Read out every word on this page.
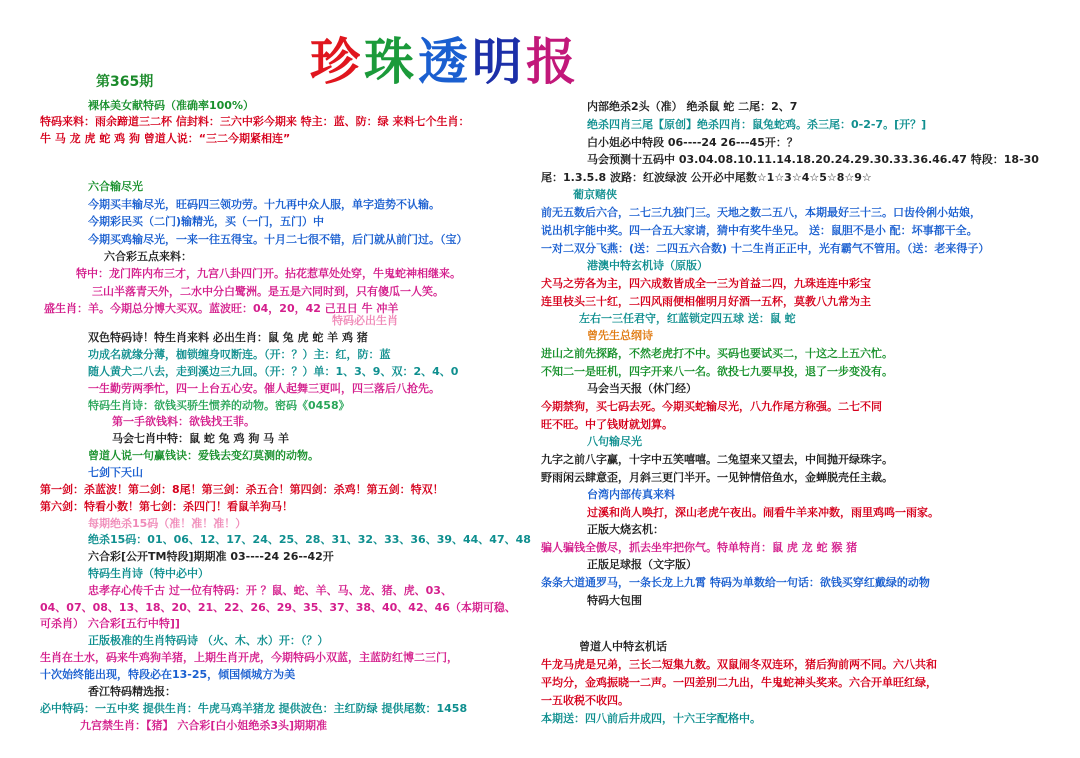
珍珠透明报
第365期
裸体美女献特码（准确率100%）
特码来料：雨余蹄道三二杯 信封料：三六中彩今期来 特主：蓝、防：绿 来料七个生肖：
牛 马 龙 虎 蛇 鸡 狗 曾道人说：“三二今期紧相连”
六合输尽光
今期买丰输尽光，旺码四三领功劳。十九再中众人服，单字造势不认输。
今期彩民买（二门)输精光，买（一门，五门）中
今期买鸡输尽光，一来一往五得宝。十月二七很不错，后门就从前门过。（宝）
六合彩五点来料：
特中：龙门阵内布三才，九宫八卦四门开。拈花惹草处处穿，牛鬼蛇神相继来。
三山半落青天外，二水中分白鹭洲。是五是六同时到，只有傻瓜一人笑。
盛生肖：羊。今期总分博大买双。蓝波旺：04，20，42 己丑日 牛 冲羊
特码必出生肖
双色特码诗！特生肖来料 必出生肖：鼠 兔 虎 蛇 羊 鸡 猪
功成名就缘分薄，枷锁缠身叹断连。（开：？）主：红，防：蓝
随人黄犬二八去，走到溪边三九回。（开：？）单：1、3、9、双：2、4、0
一生勤劳两季忙，四一上台五心安。催人起舞三更叫，四三落后八抢先。
特码生肖诗：欲钱买骄生惯养的动物。密码《0458》
第一手欲钱料：欲钱找王菲。
马会七肖中特：鼠 蛇 兔 鸡 狗 马 羊
曾道人说一句赢钱诀：爱钱去变幻莫测的动物。
七剑下天山
第一剑：杀蓝波！第二剑：8尾！第三剑：杀五合！第四剑：杀鸡！第五剑：特双！
第六剑：特看小数！第七剑：杀四门！看鼠羊狗马！
每期绝杀15码（准！准！准！）
绝杀15码：01、06、12、17、24、25、28、31、32、33、36、39、44、47、48
六合彩[公开TM特段]期期准 03----24 26--42开
特码生肖诗（特中必中）
忠孝存心传千古 过一位有特码：开 ？鼠、蛇、羊、马、龙、猪、虎、03、
04、07、08、13、18、20、21、22、26、29、35、37、38、40、42、46（本期可稳、
可杀肖） 六合彩[五行中特]]
正版极准的生肖特码诗 （火、木、水）开：（？）
生肖在土水，码来牛鸡狗羊猪，上期生肖开虎，今期特码小双蓝，主蓝防红博二三门，
十次始终能出现，特段必在13-25，倾国倾城方为美
香江特码精选报：
必中特码：一五中奖 提供生肖：牛虎马鸡羊猪龙 提供波色：主红防绿 提供尾数：1458
九宫禁生肖：【猪】 六合彩[白小姐绝杀3头]期期准
内部绝杀2头（准） 绝杀鼠 蛇 二尾：2、7
绝杀四肖三尾【原创】绝杀四肖：鼠兔蛇鸡。杀三尾：0-2-7。[开？]
白小姐必中特段 06----24 26---45开：？
马会预测十五码中 03.04.08.10.11.14.18.20.24.29.30.33.36.46.47 特段：18-30
尾：1.3.5.8 波路：红波绿波 公开必中尾数☆1☆3☆4☆5☆8☆9☆
葡京赌侠
前无五数后六合，二七三九独门三。天地之数二五八，本期最好三十三。口齿伶俐小姑娘，
说出机字能中奖。四一合五大家请，猜中有奖牛坐兄。 送：鼠胆不是小 配：坏事都干全。
一对二双分飞燕：(送：二四五六合数) 十二生肖正正中，光有霸气不管用。（送：老来得子）
港澳中特玄机诗（原版）
犬马之劳各为主，四六成数皆成全一三为首益二四，九珠连连中彩宝
连里枝头三十红，二四风雨便相催明月好酒一五杯，莫教八九常为主
左右一三任君守，红蓝锁定四五球 送：鼠 蛇
曾先生总纲诗
进山之前先探路，不然老虎打不中。买码也要试买二，十这之上五六忙。
不知二一是旺机，四字开来八一名。欲投七九要早投，退了一步变没有。
马会当天报（休门经）
今期禁狗，买七码去死。今期买蛇输尽光，八九作尾方称强。二七不同
旺不旺。中了钱财就划算。
八句输尽光
九字之前八字赢，十字中五笑嘻嘻。二兔望来又望去，中间抛开绿珠字。
野雨闲云肆意歪，月斜三更门半开。一见钟情倍鱼水，金蝉脱壳任主裁。
台湾内部传真来料
过溪和尚人唤打，深山老虎午夜出。闹看牛羊来冲数，雨里鸡鸣一雨家。
正版大烧玄机：
骗人骗钱全傲尽，抓去坐牢把你气。特单特肖：鼠 虎 龙 蛇 猴 猪
正版足球报（文字版）
条条大道通罗马，一条长龙上九霄 特码为单数给一句话：欲钱买穿红戴绿的动物
特码大包围
曾道人中特玄机话
牛龙马虎是兄弟，三长二短集九数。双鼠闹冬双连环，猪后狗前两不同。六八共和
平均分，金鸡振晓一二声。一四差别二九出，牛鬼蛇神头奖来。六合开单旺红绿，
一五收税不收四。
本期送：四八前后井成四，十六王字配格中。
